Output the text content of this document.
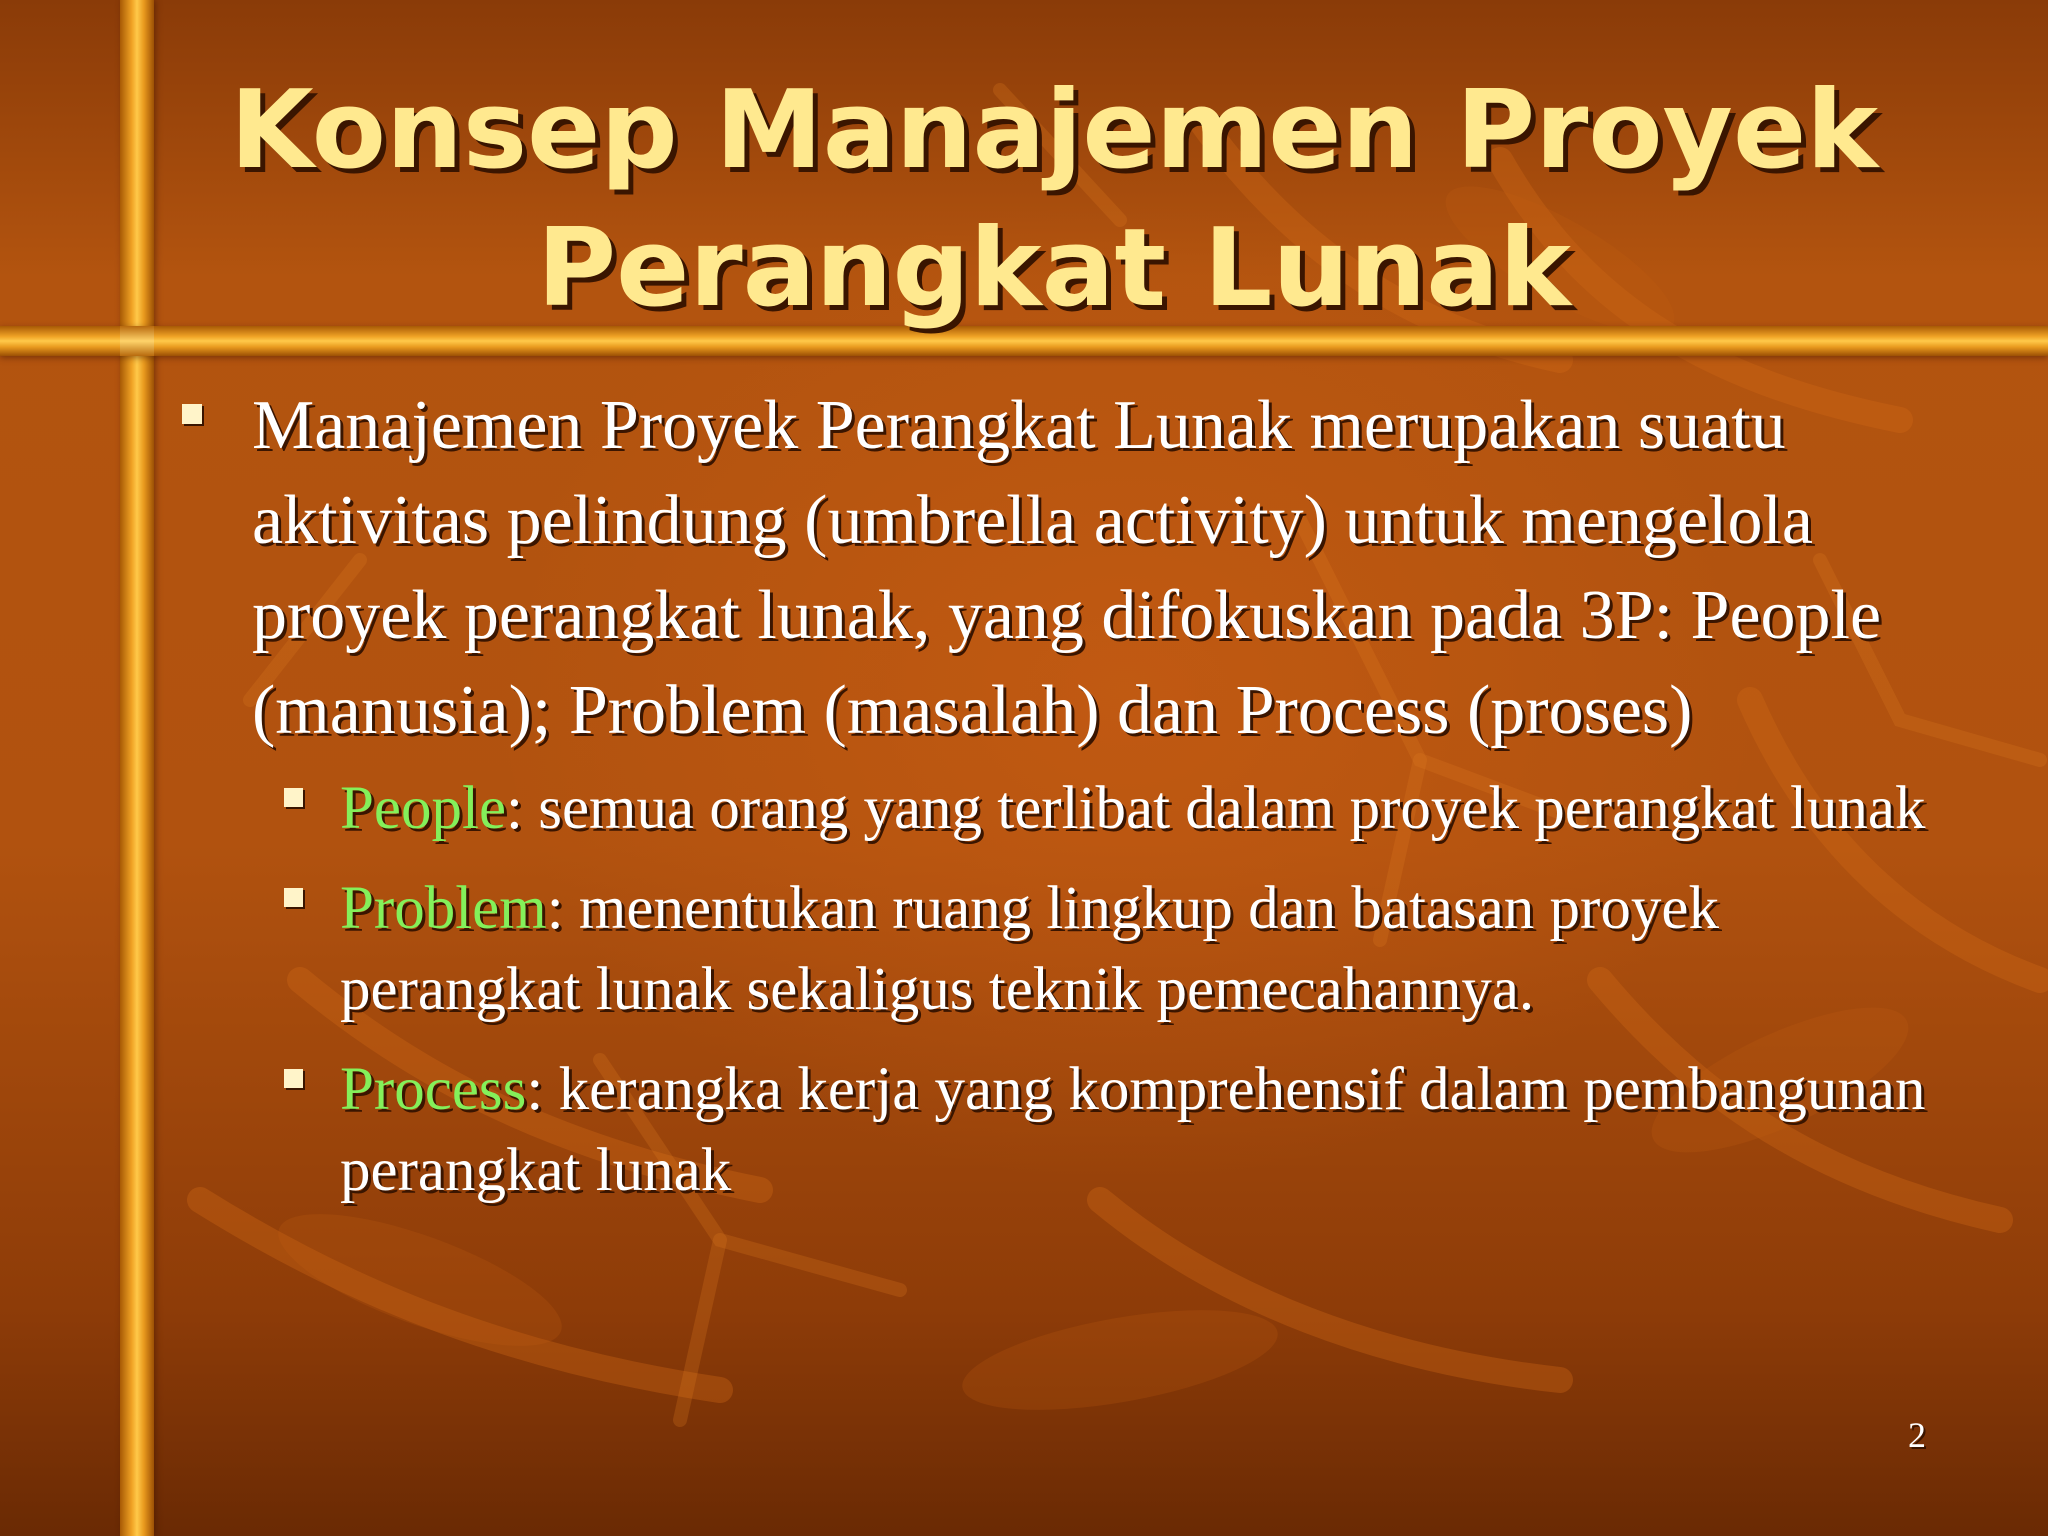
Konsep Manajemen Proyek
Perangkat Lunak

Manajemen Proyek Perangkat Lunak merupakan suatu aktivitas pelindung (umbrella activity) untuk mengelola proyek perangkat lunak, yang difokuskan pada 3P: People (manusia); Problem (masalah) dan Process (proses)

People: semua orang yang terlibat dalam proyek perangkat lunak

Problem: menentukan ruang lingkup dan batasan proyek perangkat lunak sekaligus teknik pemecahannya.

Process: kerangka kerja yang komprehensif dalam pembangunan perangkat lunak

2
